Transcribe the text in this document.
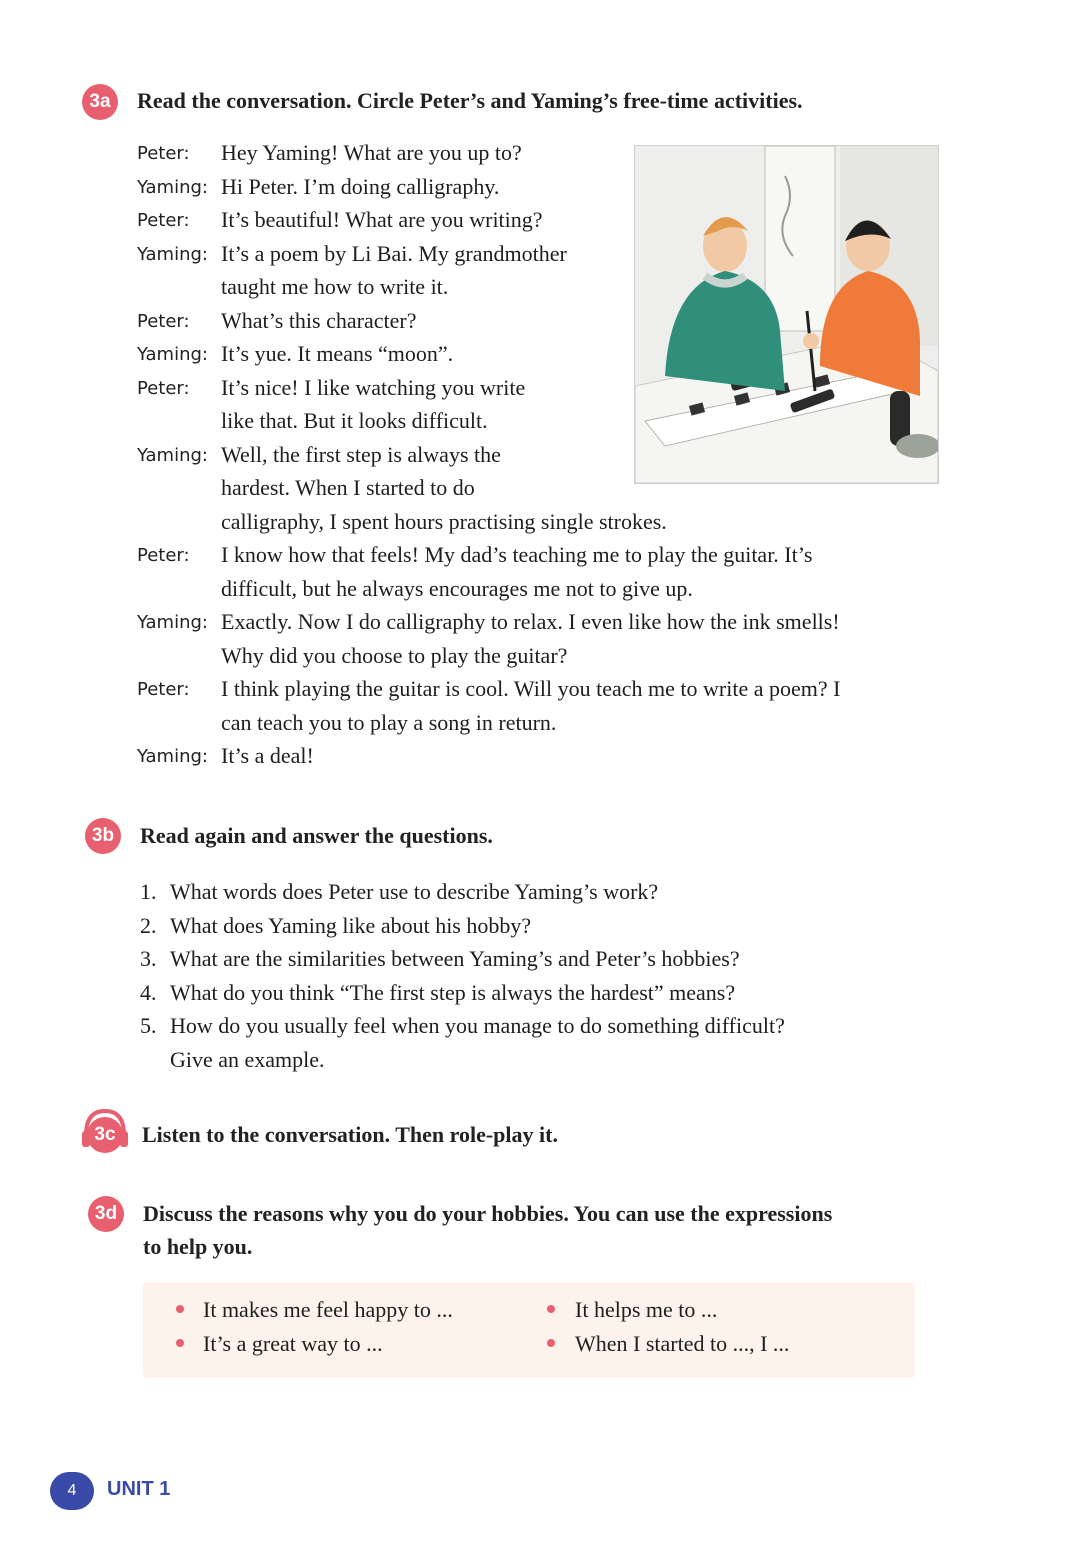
3a	Read the conversation. Circle Peter’s and Yaming’s free-time activities.
Peter: Hey Yaming! What are you up to?
Yaming: Hi Peter. I’m doing calligraphy.
Peter: It’s beautiful! What are you writing?
Yaming: It’s a poem by Li Bai. My grandmother
taught me how to write it.
Peter: What’s this character?
Yaming: It’s yue. It means “moon”.
Peter: It’s nice! I like watching you write
like that. But it looks difficult.
Yaming: Well, the first step is always the
hardest. When I started to do
calligraphy, I spent hours practising single strokes.
Peter: I know how that feels! My dad’s teaching me to play the guitar. It’s
difficult, but he always encourages me not to give up.
Yaming: Exactly. Now I do calligraphy to relax. I even like how the ink smells!
Why did you choose to play the guitar?
Peter: I think playing the guitar is cool. Will you teach me to write a poem? I
can teach you to play a song in return.
Yaming: It’s a deal!
3b	Read again and answer the questions.
1. What words does Peter use to describe Yaming’s work?
2. What does Yaming like about his hobby?
3. What are the similarities between Yaming’s and Peter’s hobbies?
4. What do you think “The first step is always the hardest” means?
5. How do you usually feel when you manage to do something difficult?
Give an example.
3c	Listen to the conversation. Then role-play it.
3d	Discuss the reasons why you do your hobbies. You can use the expressions
to help you.
It makes me feel happy to ...
It’s a great way to ...
It helps me to ...
When I started to ..., I ...
4	UNIT 1
